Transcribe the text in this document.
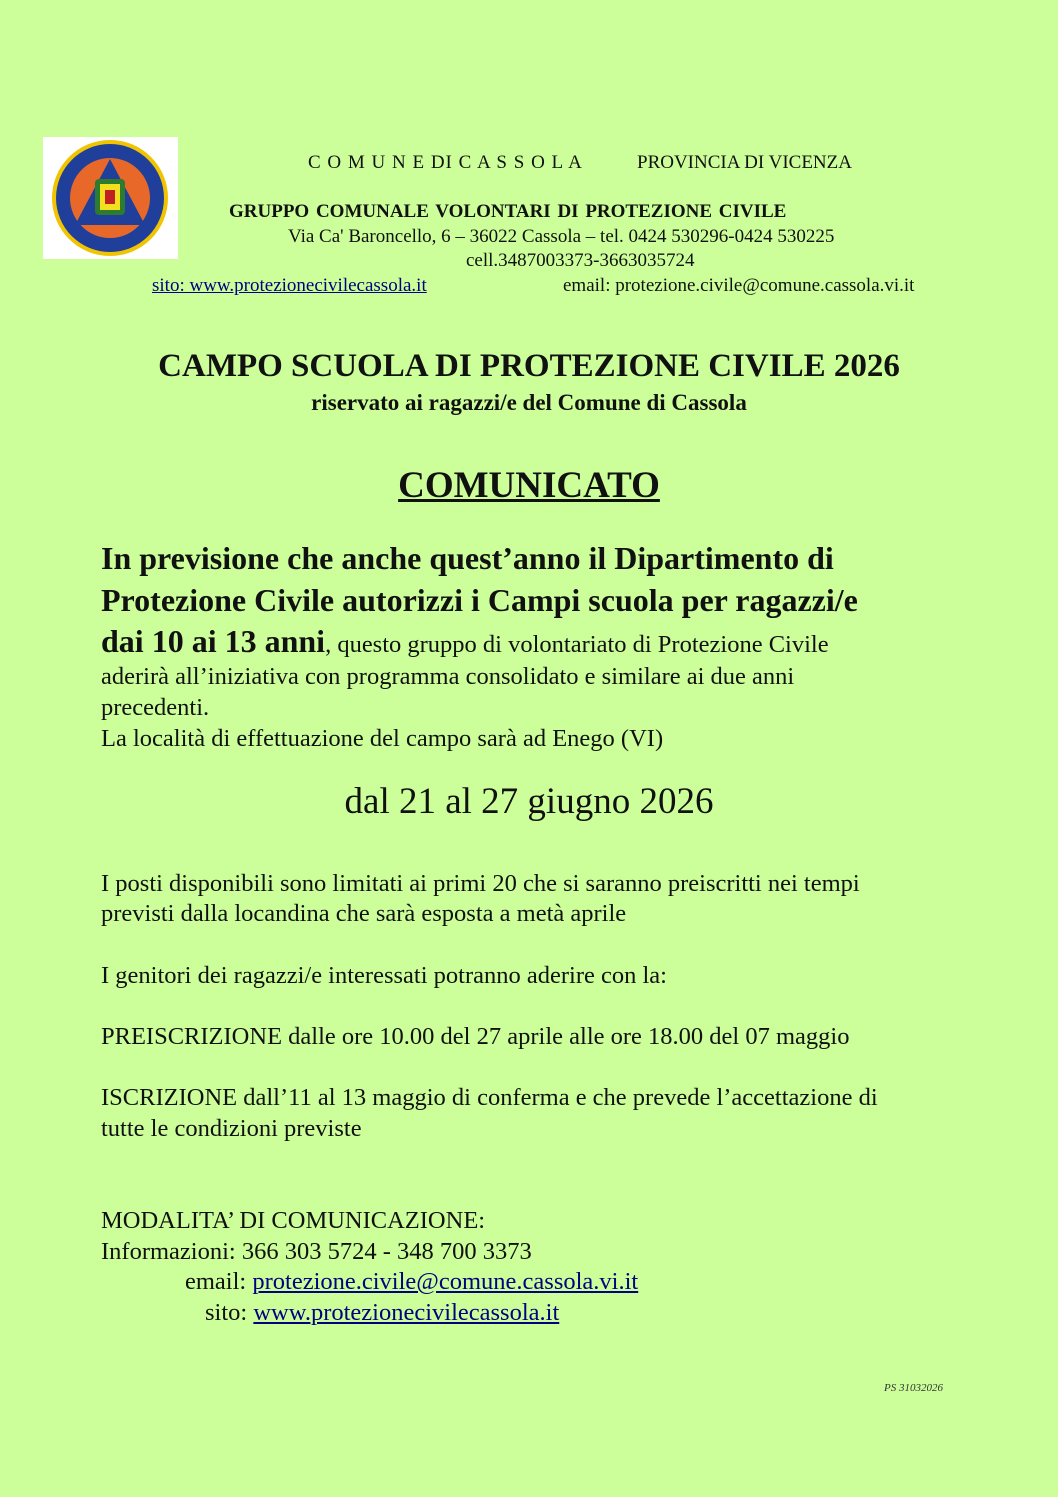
C O M U N E DI C A S S O L A	PROVINCIA DI VICENZA
GRUPPO COMUNALE VOLONTARI DI PROTEZIONE CIVILE
Via Ca' Baroncello, 6 – 36022 Cassola – tel. 0424 530296-0424 530225
cell.3487003373-3663035724
sito: www.protezionecivilecassola.it	email: protezione.civile@comune.cassola.vi.it
CAMPO SCUOLA DI PROTEZIONE CIVILE 2026
riservato ai ragazzi/e del Comune di Cassola
COMUNICATO
In previsione che anche quest’anno il Dipartimento di
Protezione Civile autorizzi i Campi scuola per ragazzi/e
dai 10 ai 13 anni, questo gruppo di volontariato di Protezione Civile
aderirà all’iniziativa con programma consolidato e similare ai due anni
precedenti.
La località di effettuazione del campo sarà ad Enego (VI)
dal 21 al 27 giugno 2026
I posti disponibili sono limitati ai primi 20 che si saranno preiscritti nei tempi
previsti dalla locandina che sarà esposta a metà aprile
I genitori dei ragazzi/e interessati potranno aderire con la:
PREISCRIZIONE dalle ore 10.00 del 27 aprile alle ore 18.00 del 07 maggio
ISCRIZIONE dall’11 al 13 maggio di conferma e che prevede l’accettazione di
tutte le condizioni previste
MODALITA’ DI COMUNICAZIONE:
Informazioni: 366 303 5724 - 348 700 3373
email: protezione.civile@comune.cassola.vi.it
sito: www.protezionecivilecassola.it
PS 31032026
